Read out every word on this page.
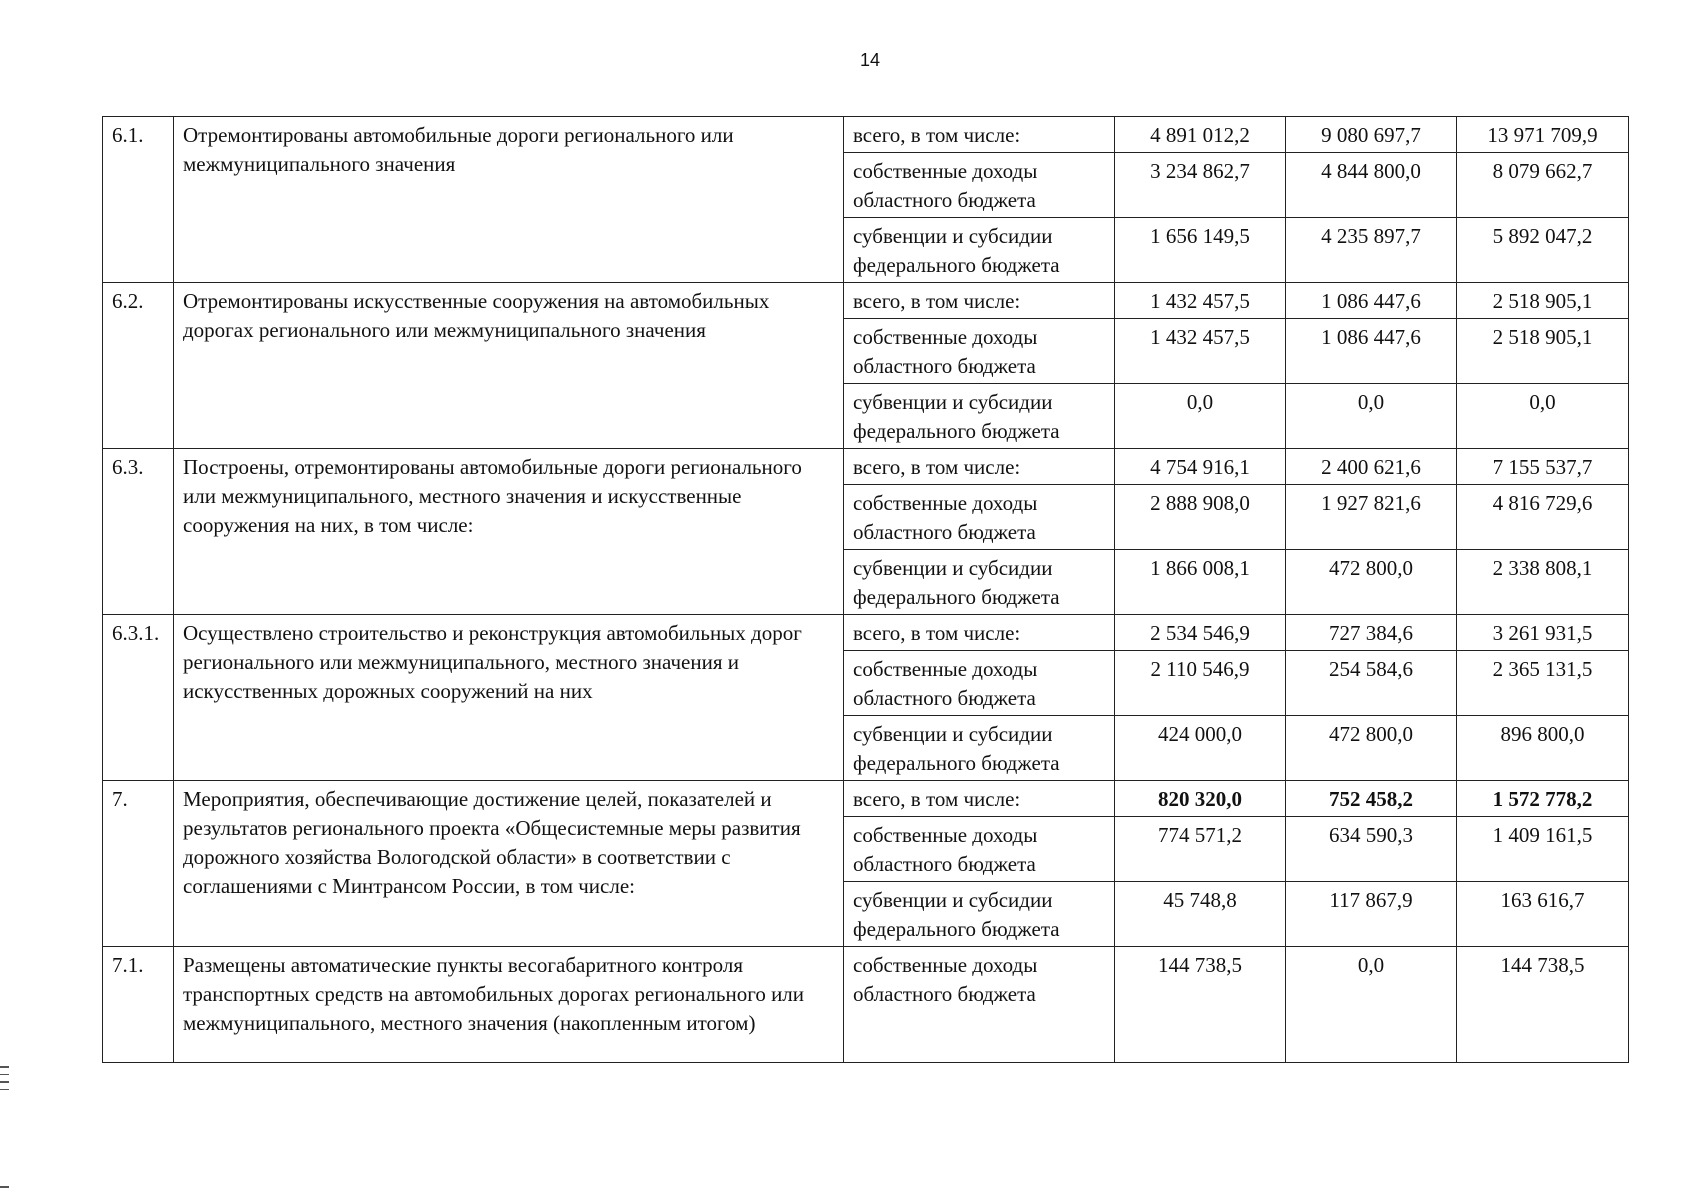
14
6.1.	Отремонтированы автомобильные дороги регионального или межмуниципального значения	всего, в том числе:	4 891 012,2	9 080 697,7	13 971 709,9
		собственные доходы областного бюджета	3 234 862,7	4 844 800,0	8 079 662,7
		субвенции и субсидии федерального бюджета	1 656 149,5	4 235 897,7	5 892 047,2
6.2.	Отремонтированы искусственные сооружения на автомобильных дорогах регионального или межмуниципального значения	всего, в том числе:	1 432 457,5	1 086 447,6	2 518 905,1
		собственные доходы областного бюджета	1 432 457,5	1 086 447,6	2 518 905,1
		субвенции и субсидии федерального бюджета	0,0	0,0	0,0
6.3.	Построены, отремонтированы автомобильные дороги регионального или межмуниципального, местного значения и искусственные сооружения на них, в том числе:	всего, в том числе:	4 754 916,1	2 400 621,6	7 155 537,7
		собственные доходы областного бюджета	2 888 908,0	1 927 821,6	4 816 729,6
		субвенции и субсидии федерального бюджета	1 866 008,1	472 800,0	2 338 808,1
6.3.1.	Осуществлено строительство и реконструкция автомобильных дорог регионального или межмуниципального, местного значения и искусственных дорожных сооружений на них	всего, в том числе:	2 534 546,9	727 384,6	3 261 931,5
		собственные доходы областного бюджета	2 110 546,9	254 584,6	2 365 131,5
		субвенции и субсидии федерального бюджета	424 000,0	472 800,0	896 800,0
7.	Мероприятия, обеспечивающие достижение целей, показателей и результатов регионального проекта «Общесистемные меры развития дорожного хозяйства Вологодской области» в соответствии с соглашениями с Минтрансом России, в том числе:	всего, в том числе:	820 320,0	752 458,2	1 572 778,2
		собственные доходы областного бюджета	774 571,2	634 590,3	1 409 161,5
		субвенции и субсидии федерального бюджета	45 748,8	117 867,9	163 616,7
7.1.	Размещены автоматические пункты весогабаритного контроля транспортных средств на автомобильных дорогах регионального или межмуниципального, местного значения (накопленным итогом)	собственные доходы областного бюджета	144 738,5	0,0	144 738,5
